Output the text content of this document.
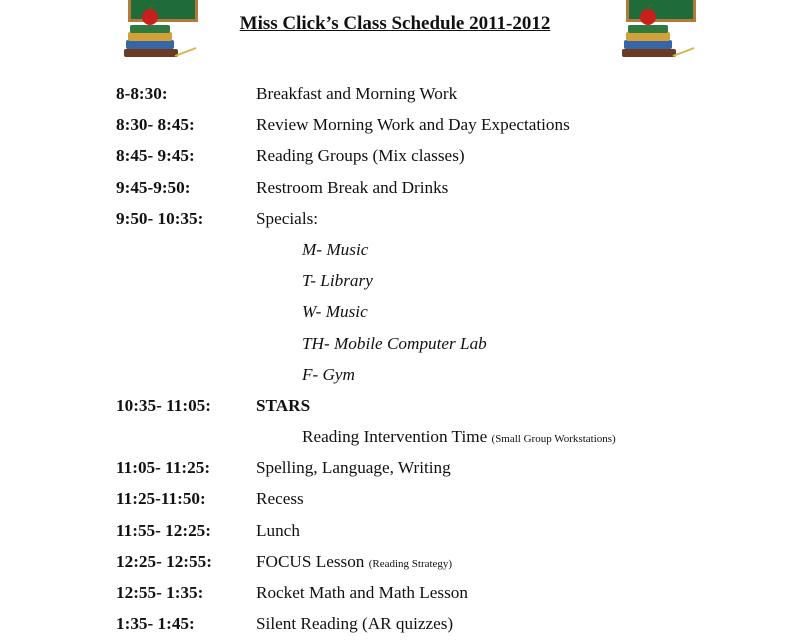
Miss Click’s Class Schedule 2011-2012
8-8:30:	Breakfast and Morning Work
8:30- 8:45:	Review Morning Work and Day Expectations
8:45- 9:45:	Reading Groups (Mix classes)
9:45-9:50:	Restroom Break and Drinks
9:50- 10:35:	Specials:
M- Music
T- Library
W- Music
TH- Mobile Computer Lab
F- Gym
10:35- 11:05:	STARS
Reading Intervention Time (Small Group Workstations)
11:05- 11:25:	Spelling, Language, Writing
11:25-11:50:	Recess
11:55- 12:25:	Lunch
12:25- 12:55:	FOCUS Lesson (Reading Strategy)
12:55- 1:35:	Rocket Math and Math Lesson
1:35- 1:45:	Silent Reading (AR quizzes)
